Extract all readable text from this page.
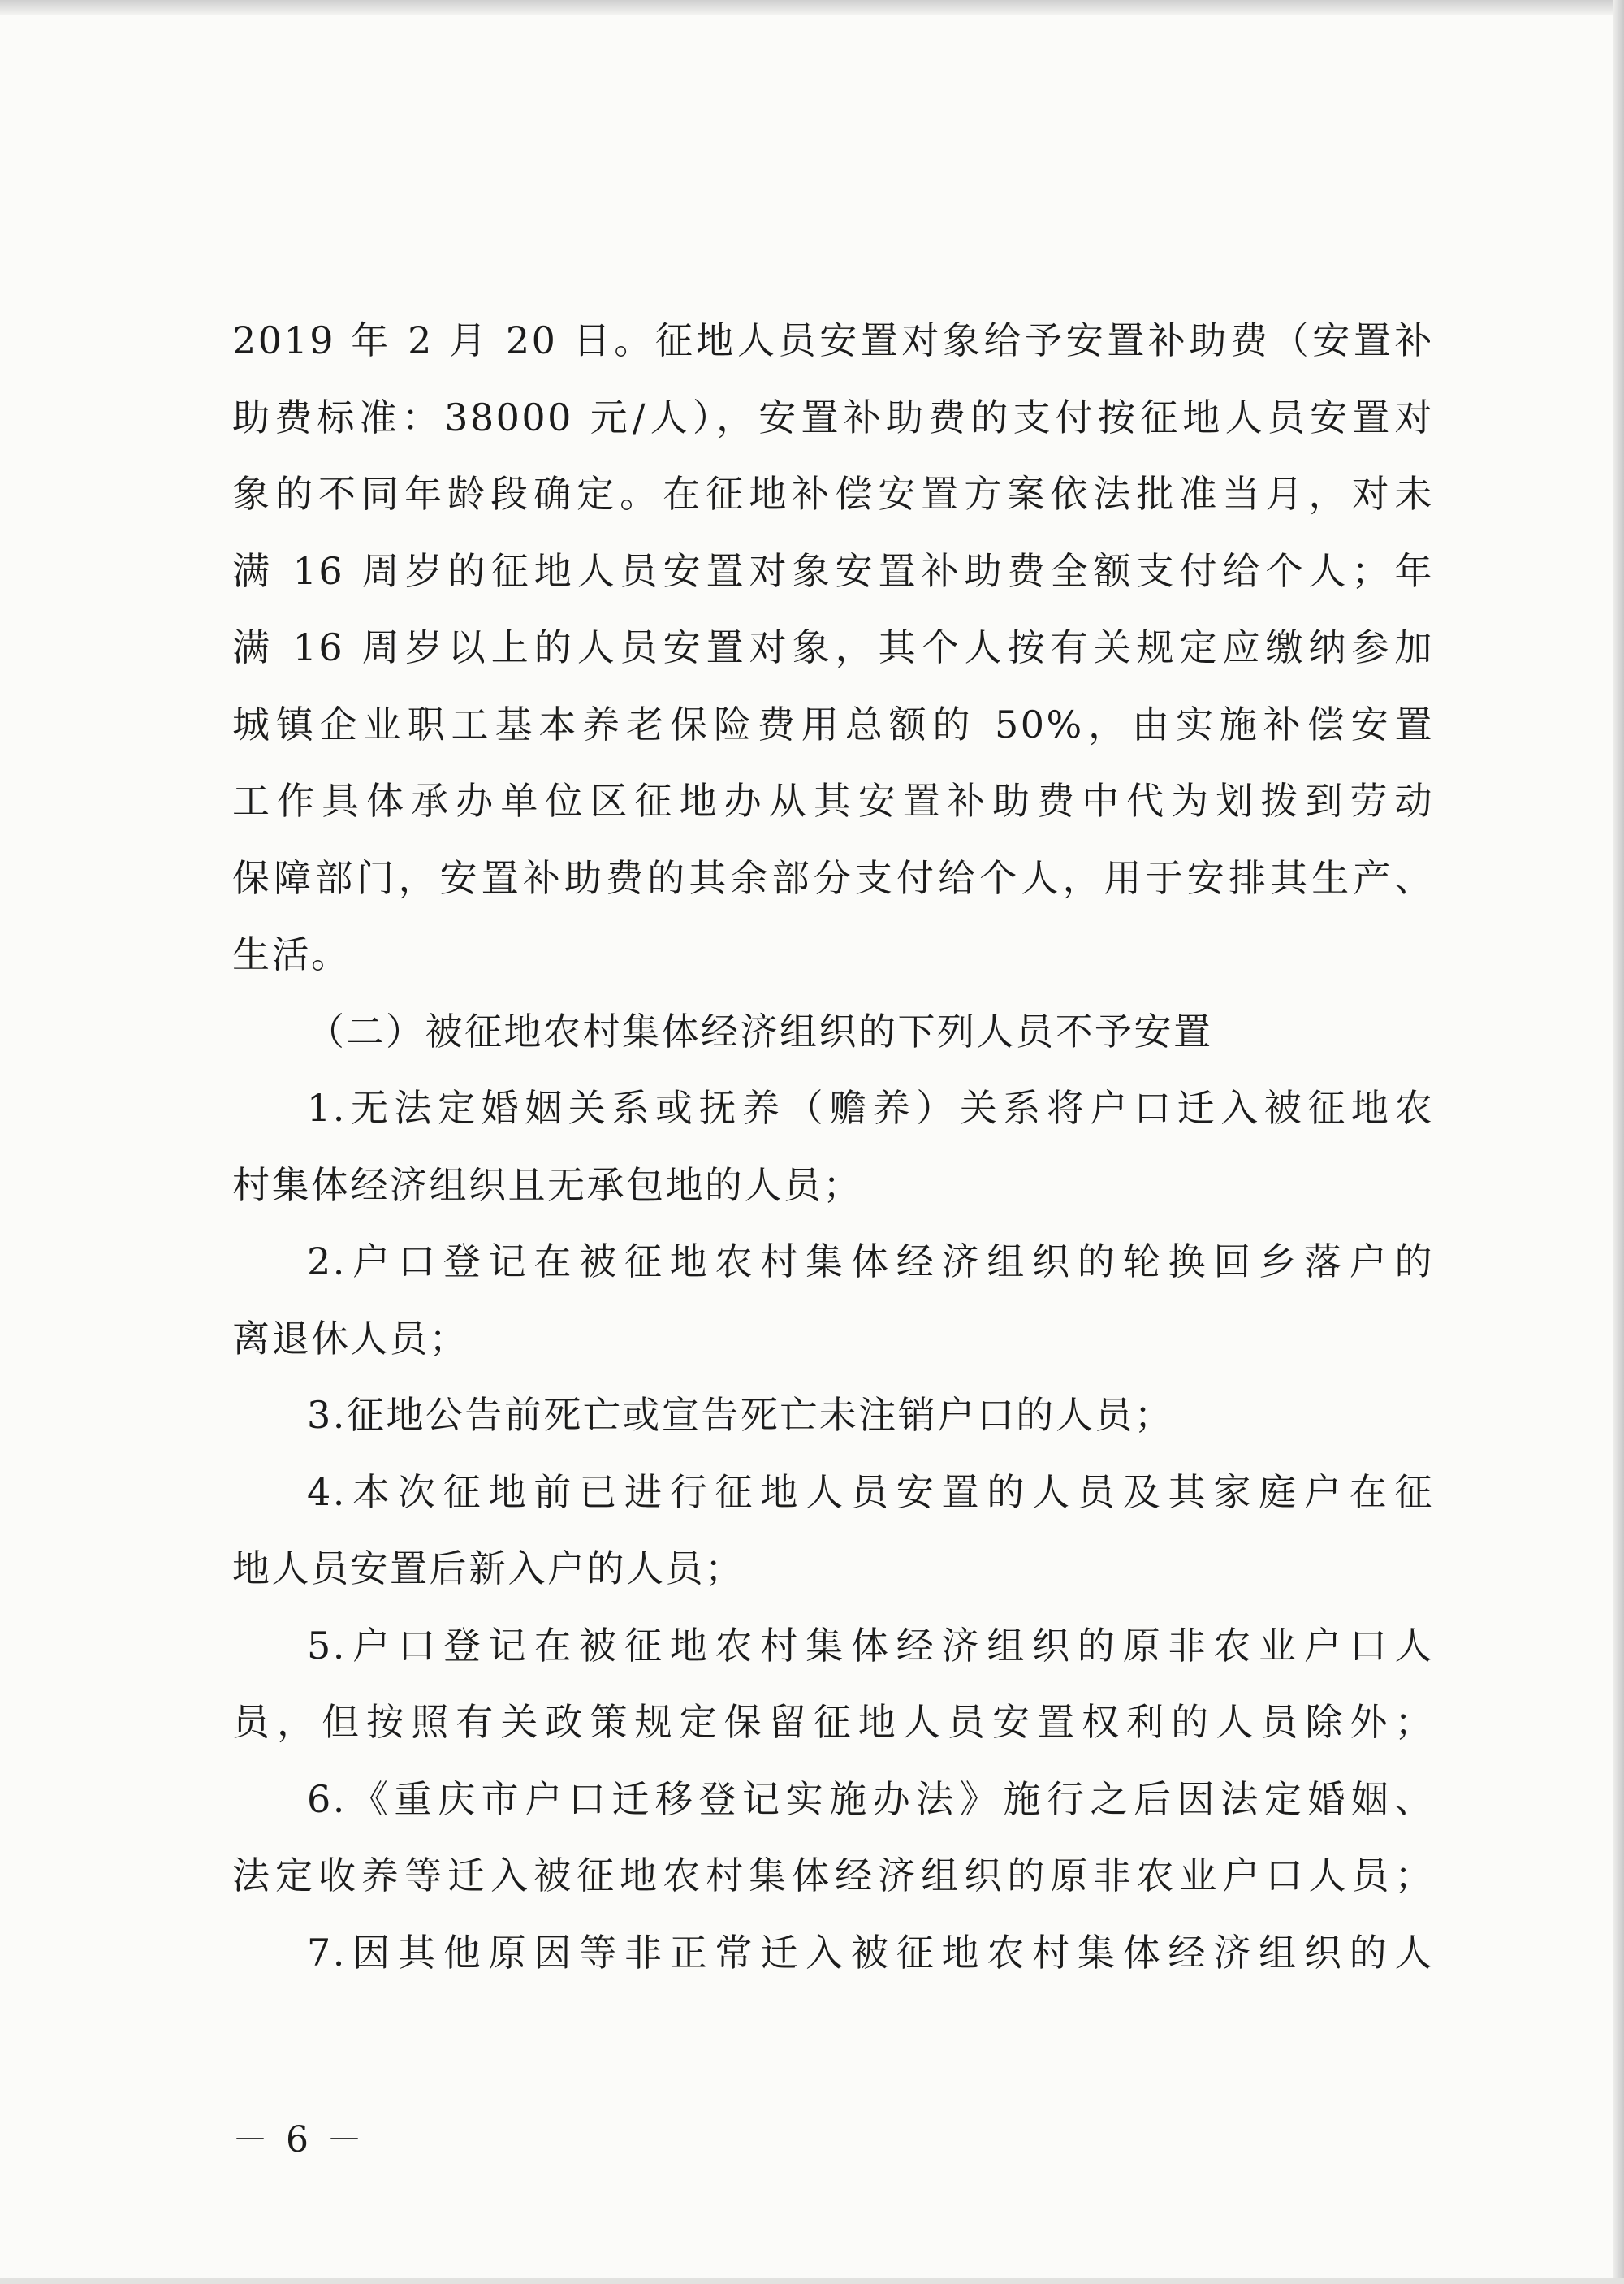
2019 年 2 月 20 日。征地人员安置对象给予安置补助费（安置补
助费标准：38000 元/人），安置补助费的支付按征地人员安置对
象的不同年龄段确定。在征地补偿安置方案依法批准当月，对未
满 16 周岁的征地人员安置对象安置补助费全额支付给个人；年
满 16 周岁以上的人员安置对象，其个人按有关规定应缴纳参加
城镇企业职工基本养老保险费用总额的 50%，由实施补偿安置
工作具体承办单位区征地办从其安置补助费中代为划拨到劳动
保障部门，安置补助费的其余部分支付给个人，用于安排其生产、
生活。
（二）被征地农村集体经济组织的下列人员不予安置
1.无法定婚姻关系或抚养（赡养）关系将户口迁入被征地农
村集体经济组织且无承包地的人员；
2.户口登记在被征地农村集体经济组织的轮换回乡落户的
离退休人员；
3.征地公告前死亡或宣告死亡未注销户口的人员；
4.本次征地前已进行征地人员安置的人员及其家庭户在征
地人员安置后新入户的人员；
5.户口登记在被征地农村集体经济组织的原非农业户口人
员，但按照有关政策规定保留征地人员安置权利的人员除外；
6.《重庆市户口迁移登记实施办法》施行之后因法定婚姻、
法定收养等迁入被征地农村集体经济组织的原非农业户口人员；
7.因其他原因等非正常迁入被征地农村集体经济组织的人
－ 6 －
